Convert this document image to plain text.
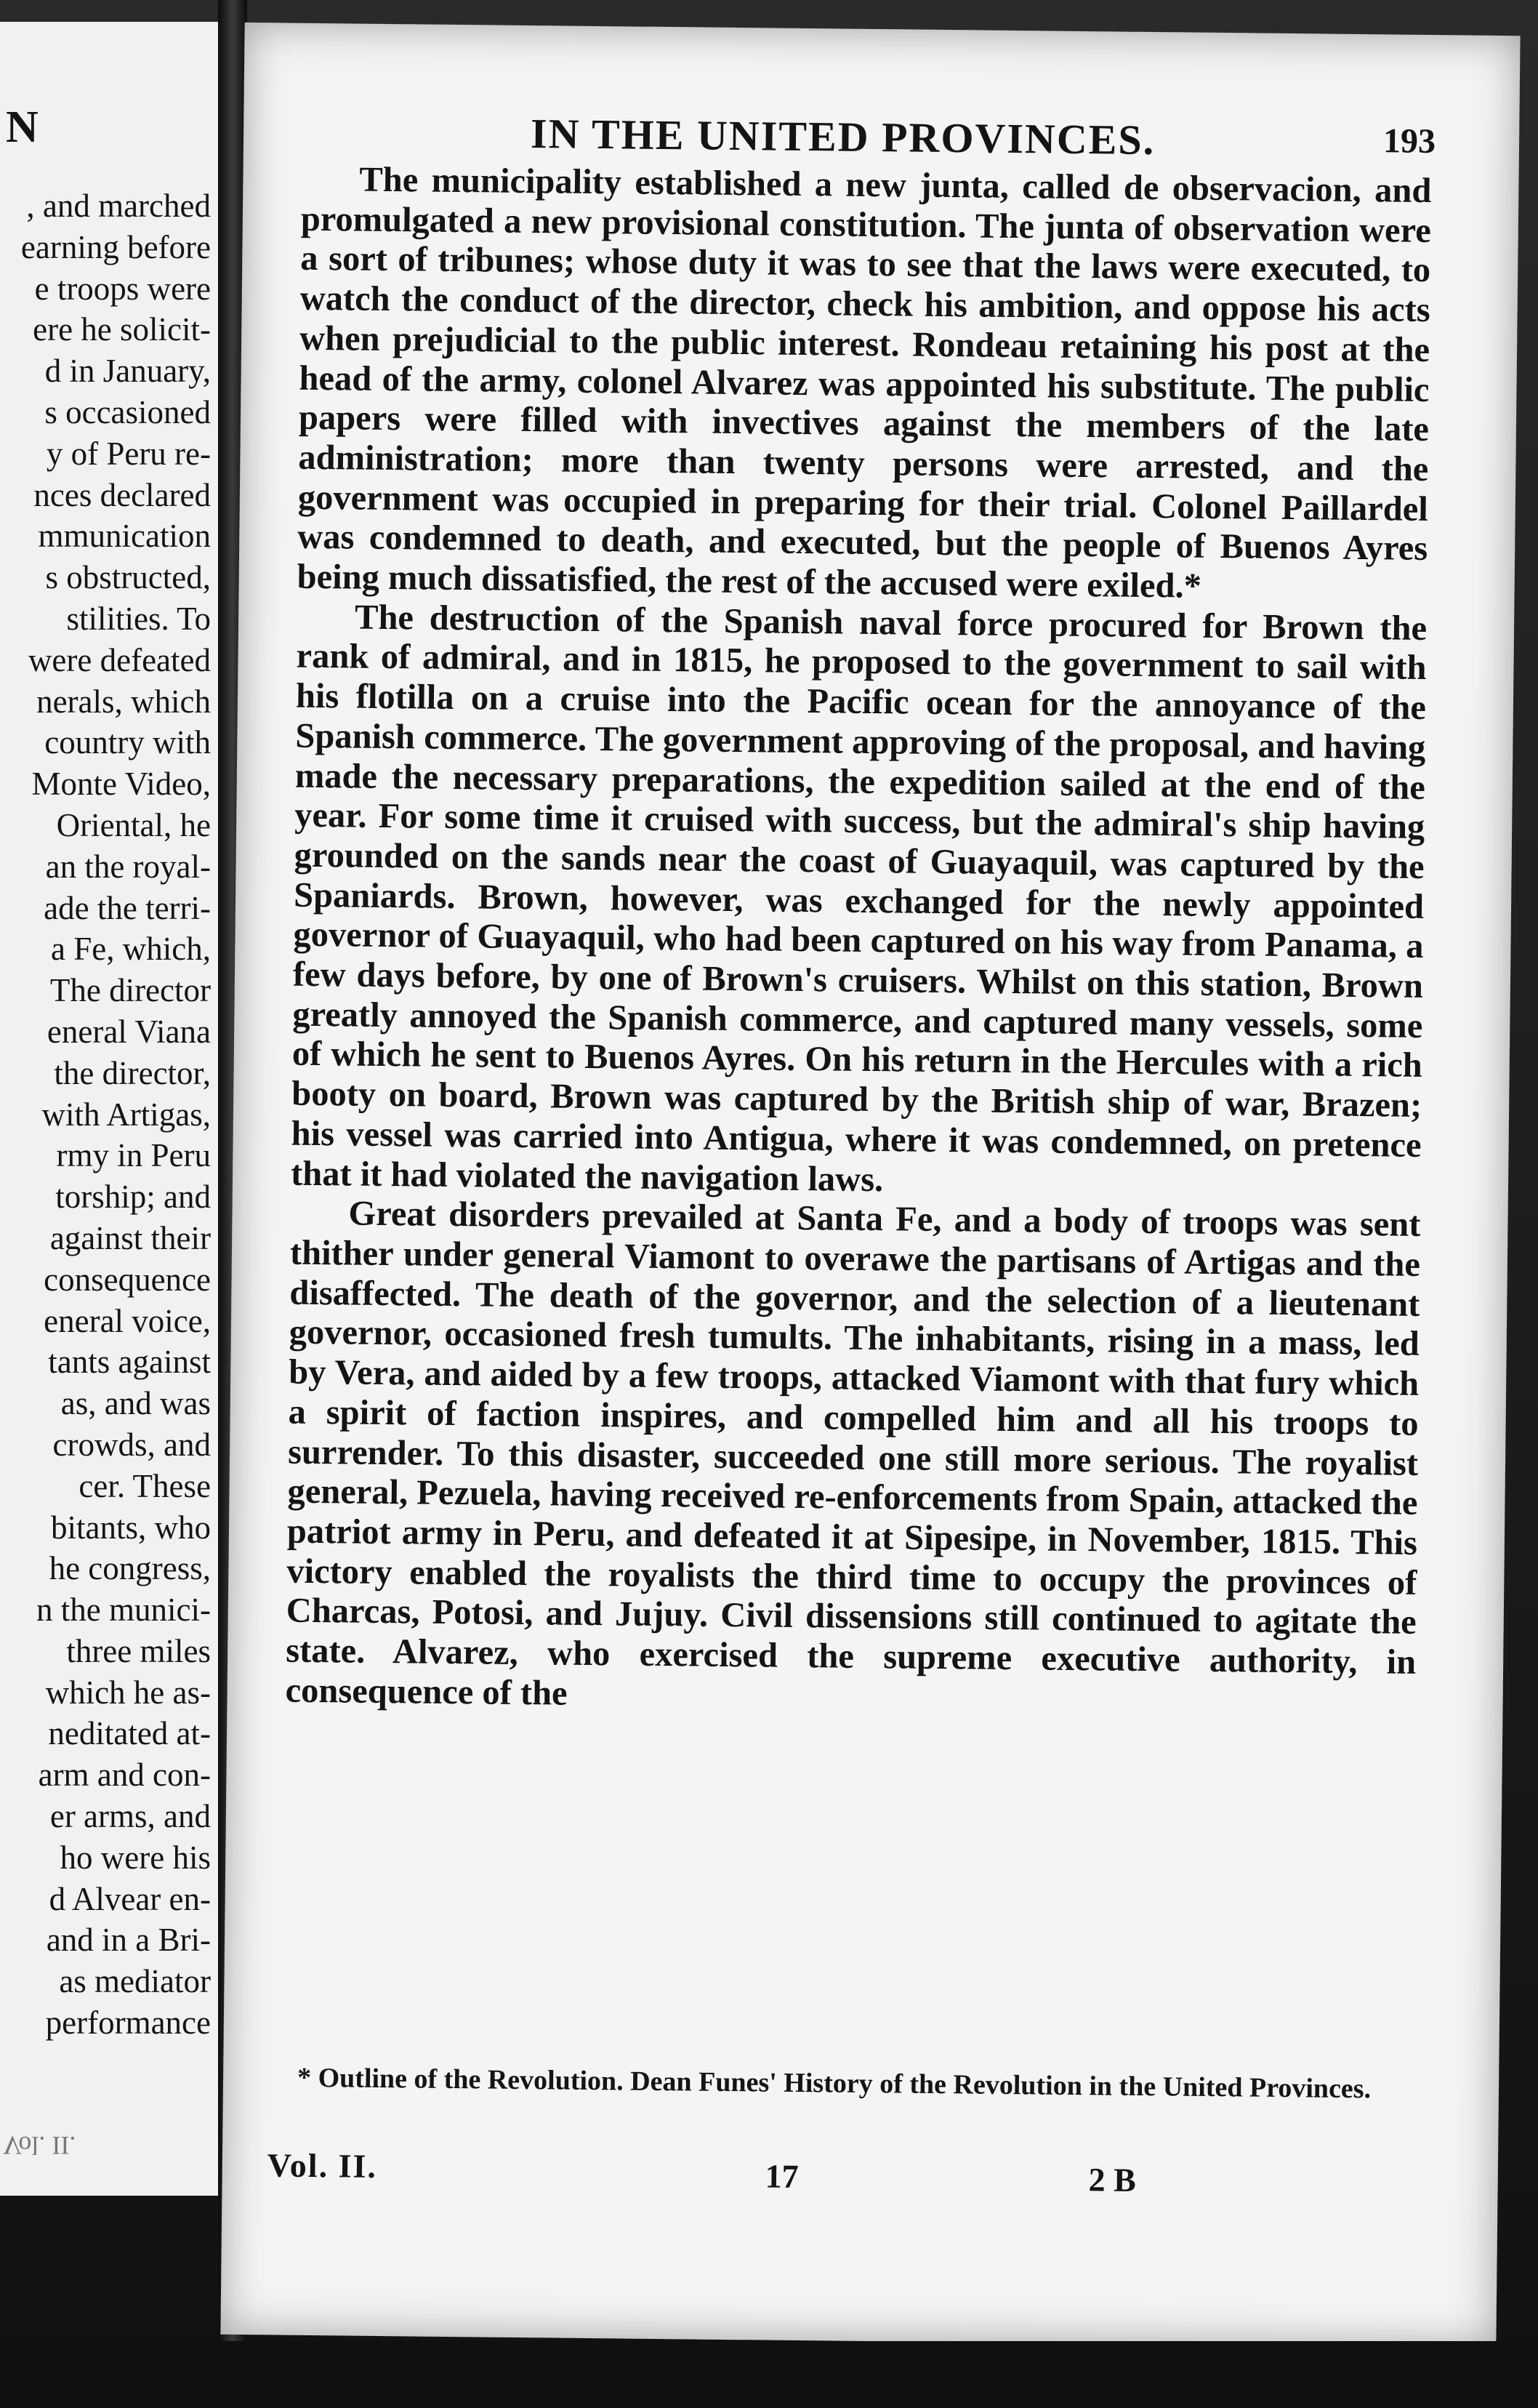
N
, and marched
earning before
e troops were
ere he solicit-
d in January,
s occasioned
y of Peru re-
nces declared
mmunication
s obstructed,
stilities. To
were defeated
nerals, which
country with
Monte Video,
Oriental, he
an the royal-
ade the terri-
a Fe, which,
The director
eneral Viana
the director,
with Artigas,
rmy in Peru
torship; and
against their
consequence
eneral voice,
tants against
as, and was
crowds, and
cer. These
bitants, who
he congress,
n the munici-
three miles
which he as-
neditated at-
arm and con-
er arms, and
ho were his
d Alvear en-
and in a Bri-
as mediator
performance
Vol. II.
IN THE UNITED PROVINCES.	193

The municipality established a new junta, called de observacion, and promulgated a new provisional constitution. The junta of observation were a sort of tribunes; whose duty it was to see that the laws were executed, to watch the conduct of the director, check his ambition, and oppose his acts when prejudicial to the public interest. Rondeau retaining his post at the head of the army, colonel Alvarez was appointed his substitute. The public papers were filled with invectives against the members of the late administration; more than twenty persons were arrested, and the government was occupied in preparing for their trial. Colonel Paillardel was condemned to death, and executed, but the people of Buenos Ayres being much dissatisfied, the rest of the accused were exiled.*

The destruction of the Spanish naval force procured for Brown the rank of admiral, and in 1815, he proposed to the government to sail with his flotilla on a cruise into the Pacific ocean for the annoyance of the Spanish commerce. The government approving of the proposal, and having made the necessary preparations, the expedition sailed at the end of the year. For some time it cruised with success, but the admiral's ship having grounded on the sands near the coast of Guayaquil, was captured by the Spaniards. Brown, however, was exchanged for the newly appointed governor of Guayaquil, who had been captured on his way from Panama, a few days before, by one of Brown's cruisers. Whilst on this station, Brown greatly annoyed the Spanish commerce, and captured many vessels, some of which he sent to Buenos Ayres. On his return in the Hercules with a rich booty on board, Brown was captured by the British ship of war, Brazen; his vessel was carried into Antigua, where it was condemned, on pretence that it had violated the navigation laws.

Great disorders prevailed at Santa Fe, and a body of troops was sent thither under general Viamont to overawe the partisans of Artigas and the disaffected. The death of the governor, and the selection of a lieutenant governor, occasioned fresh tumults. The inhabitants, rising in a mass, led by Vera, and aided by a few troops, attacked Viamont with that fury which a spirit of faction inspires, and compelled him and all his troops to surrender. To this disaster, succeeded one still more serious. The royalist general, Pezuela, having received re-enforcements from Spain, attacked the patriot army in Peru, and defeated it at Sipesipe, in November, 1815. This victory enabled the royalists the third time to occupy the provinces of Charcas, Potosi, and Jujuy. Civil dissensions still continued to agitate the state. Alvarez, who exercised the supreme executive authority, in consequence of the

* Outline of the Revolution. Dean Funes' History of the Revolution in the United Provinces.

Vol. II.	17	2 B
